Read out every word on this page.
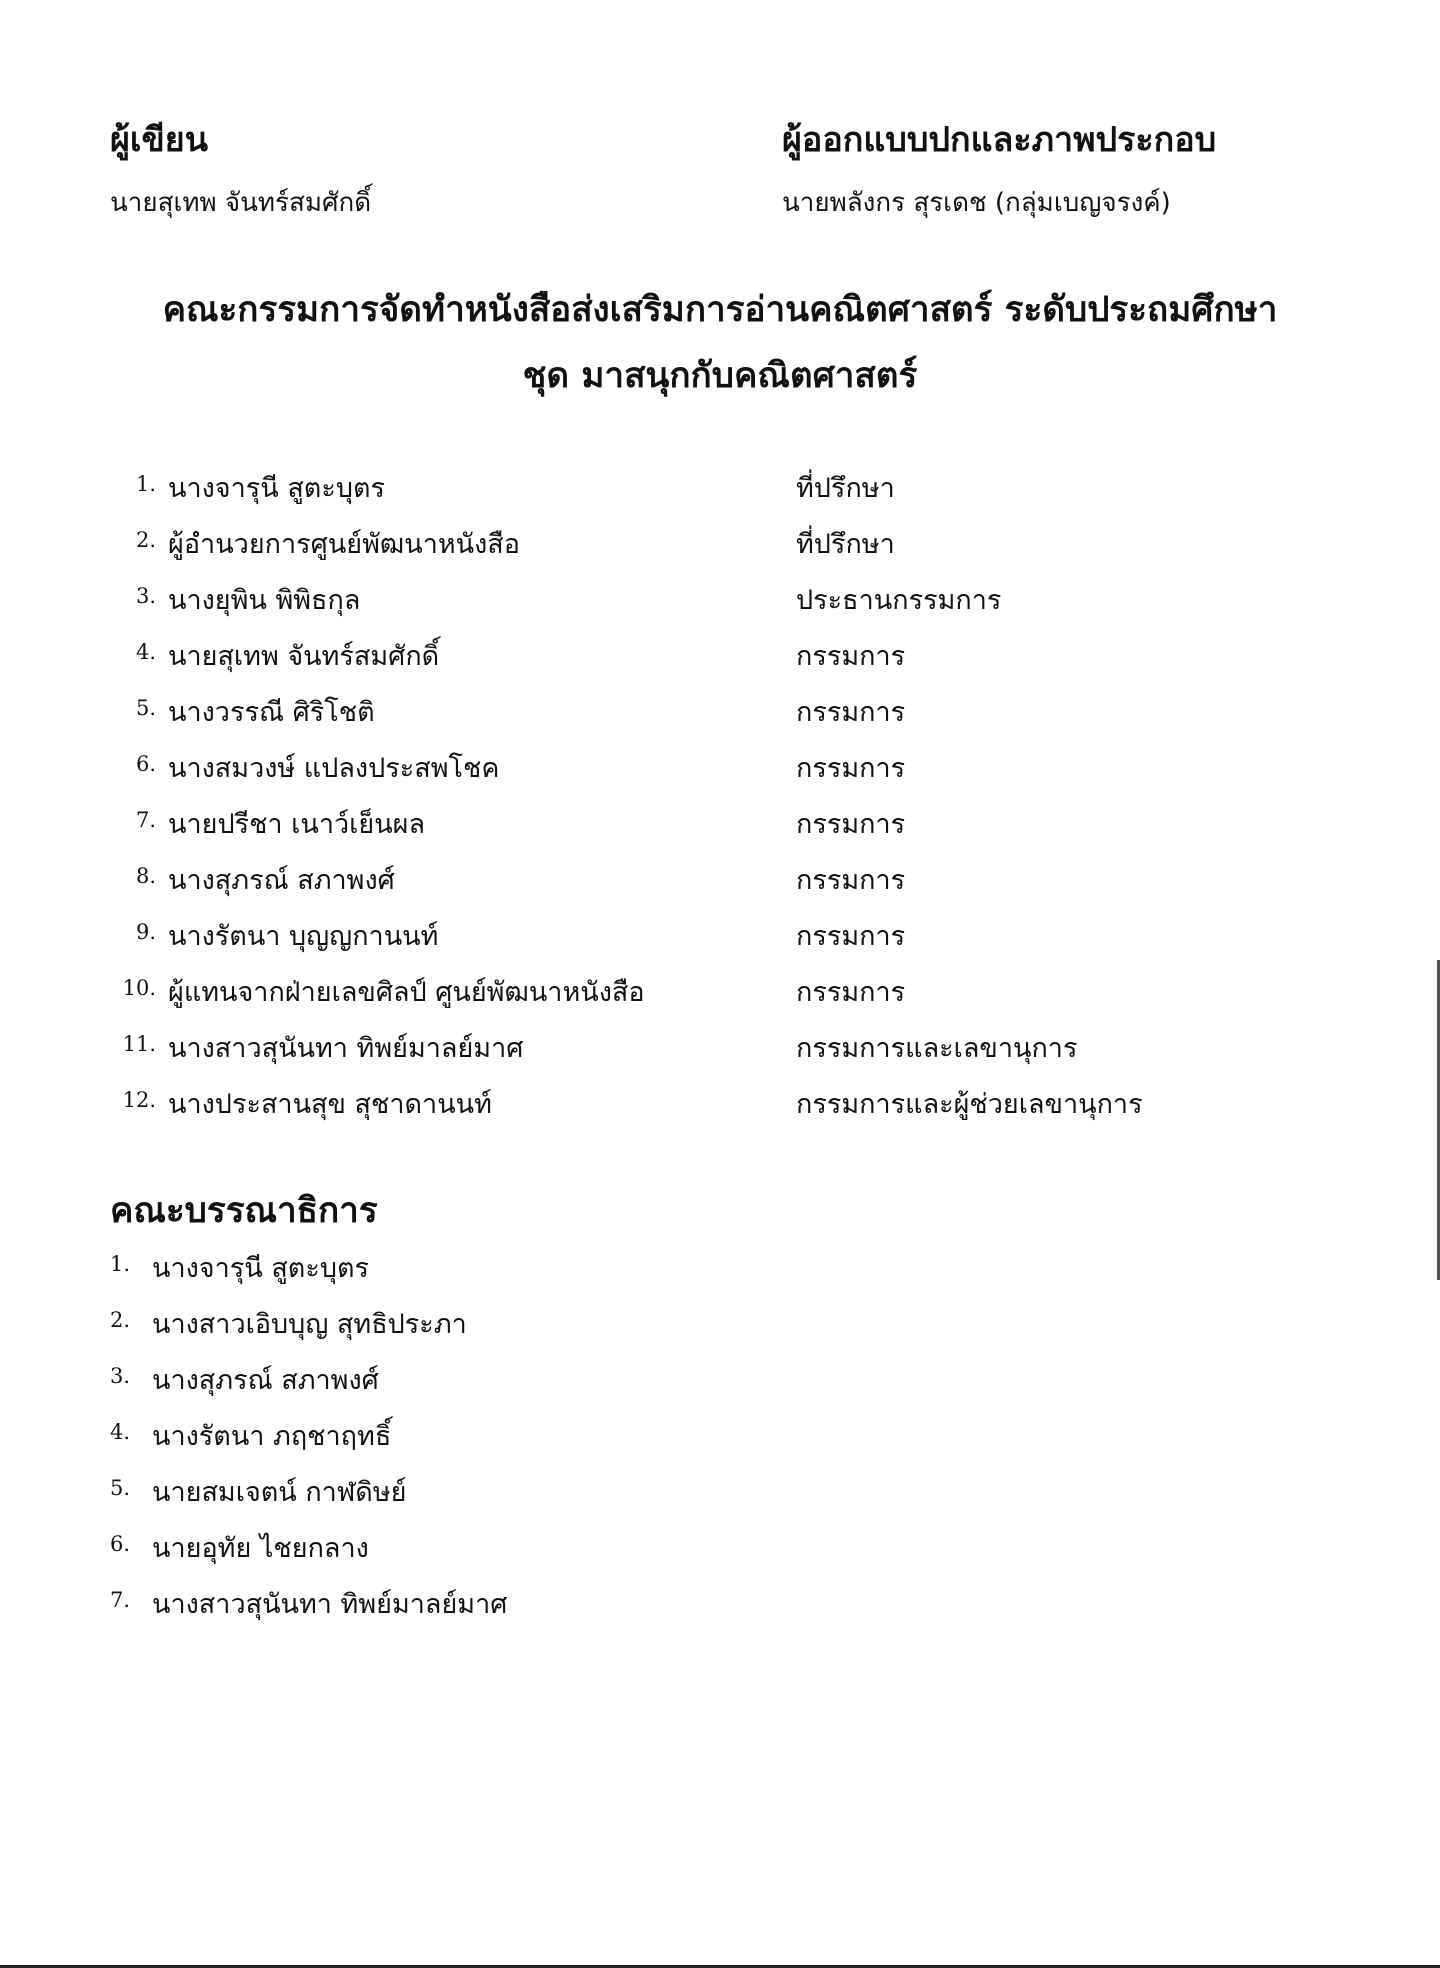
ผู้เขียน
นายสุเทพ จันทร์สมศักดิ์
ผู้ออกแบบปกและภาพประกอบ
นายพลังกร สุรเดช (กลุ่มเบญจรงค์)
คณะกรรมการจัดทำหนังสือส่งเสริมการอ่านคณิตศาสตร์ ระดับประถมศึกษา
ชุด มาสนุกกับคณิตศาสตร์
1. นางจารุนี สูตะบุตร	ที่ปรึกษา
2. ผู้อำนวยการศูนย์พัฒนาหนังสือ	ที่ปรึกษา
3. นางยุพิน พิพิธกุล	ประธานกรรมการ
4. นายสุเทพ จันทร์สมศักดิ์	กรรมการ
5. นางวรรณี ศิริโชติ	กรรมการ
6. นางสมวงษ์ แปลงประสพโชค	กรรมการ
7. นายปรีชา เนาว์เย็นผล	กรรมการ
8. นางสุภรณ์ สภาพงศ์	กรรมการ
9. นางรัตนา บุญญกานนท์	กรรมการ
10. ผู้แทนจากฝ่ายเลขศิลป์ ศูนย์พัฒนาหนังสือ	กรรมการ
11. นางสาวสุนันทา ทิพย์มาลย์มาศ	กรรมการและเลขานุการ
12. นางประสานสุข สุชาดานนท์	กรรมการและผู้ช่วยเลขานุการ
คณะบรรณาธิการ
1. นางจารุนี สูตะบุตร
2. นางสาวเอิบบุญ สุทธิประภา
3. นางสุภรณ์ สภาพงศ์
4. นางรัตนา ภฤชาฤทธิ์
5. นายสมเจตน์ กาฬดิษย์
6. นายอุทัย ไชยกลาง
7. นางสาวสุนันทา ทิพย์มาลย์มาศ
